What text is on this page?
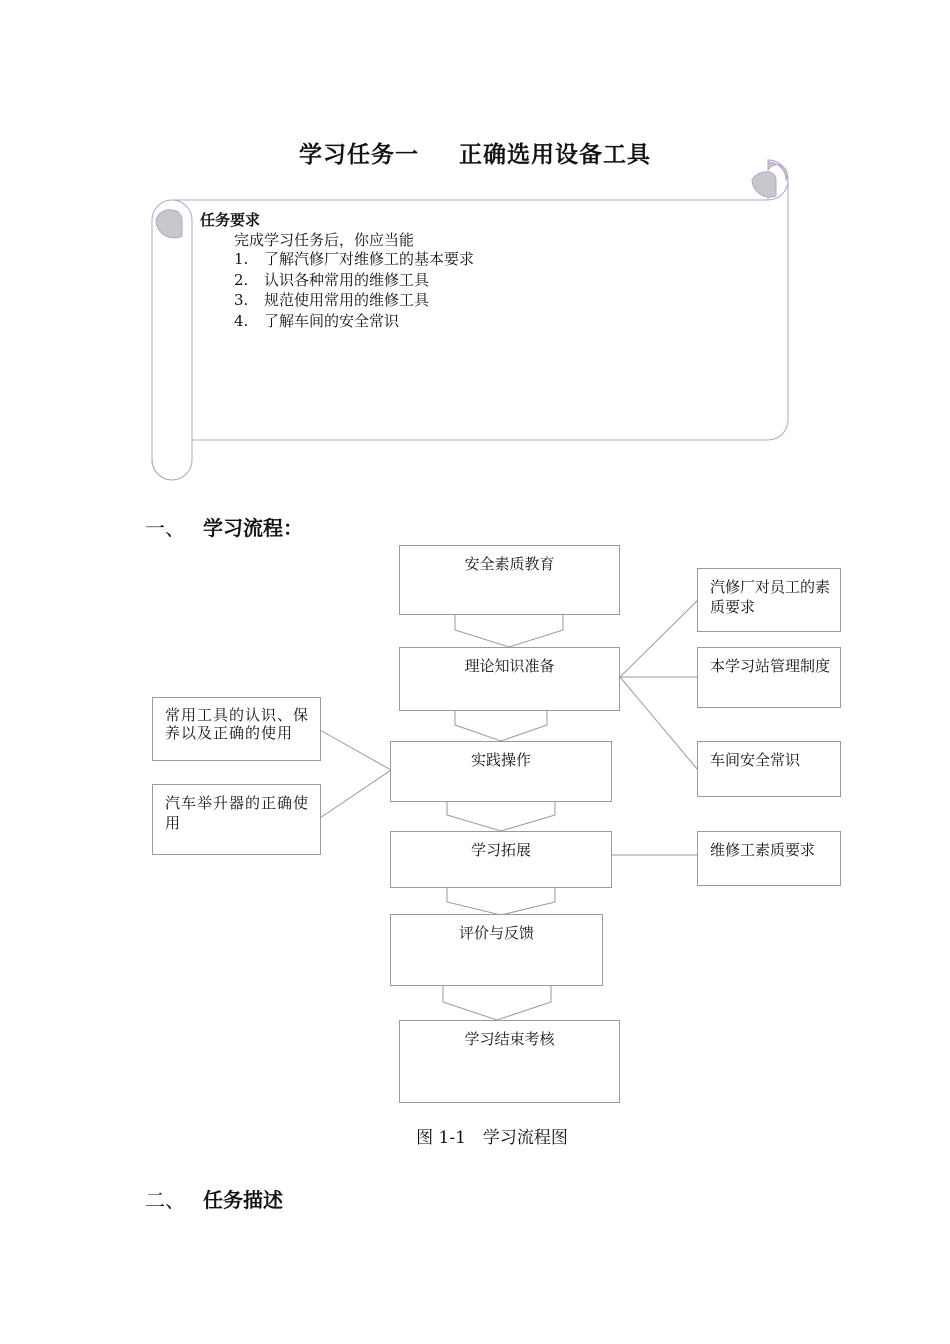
学习任务一 正确选用设备工具
任务要求
完成学习任务后，你应当能
1. 了解汽修厂对维修工的基本要求
2. 认识各种常用的维修工具
3. 规范使用常用的维修工具
4. 了解车间的安全常识
一、 学习流程：
安全素质教育
理论知识准备
实践操作
学习拓展
评价与反馈
学习结束考核
汽修厂对员工的素质要求
本学习站管理制度
车间安全常识
维修工素质要求
常用工具的认识、保养以及正确的使用
汽车举升器的正确使用
图 1-1　学习流程图
二、 任务描述
